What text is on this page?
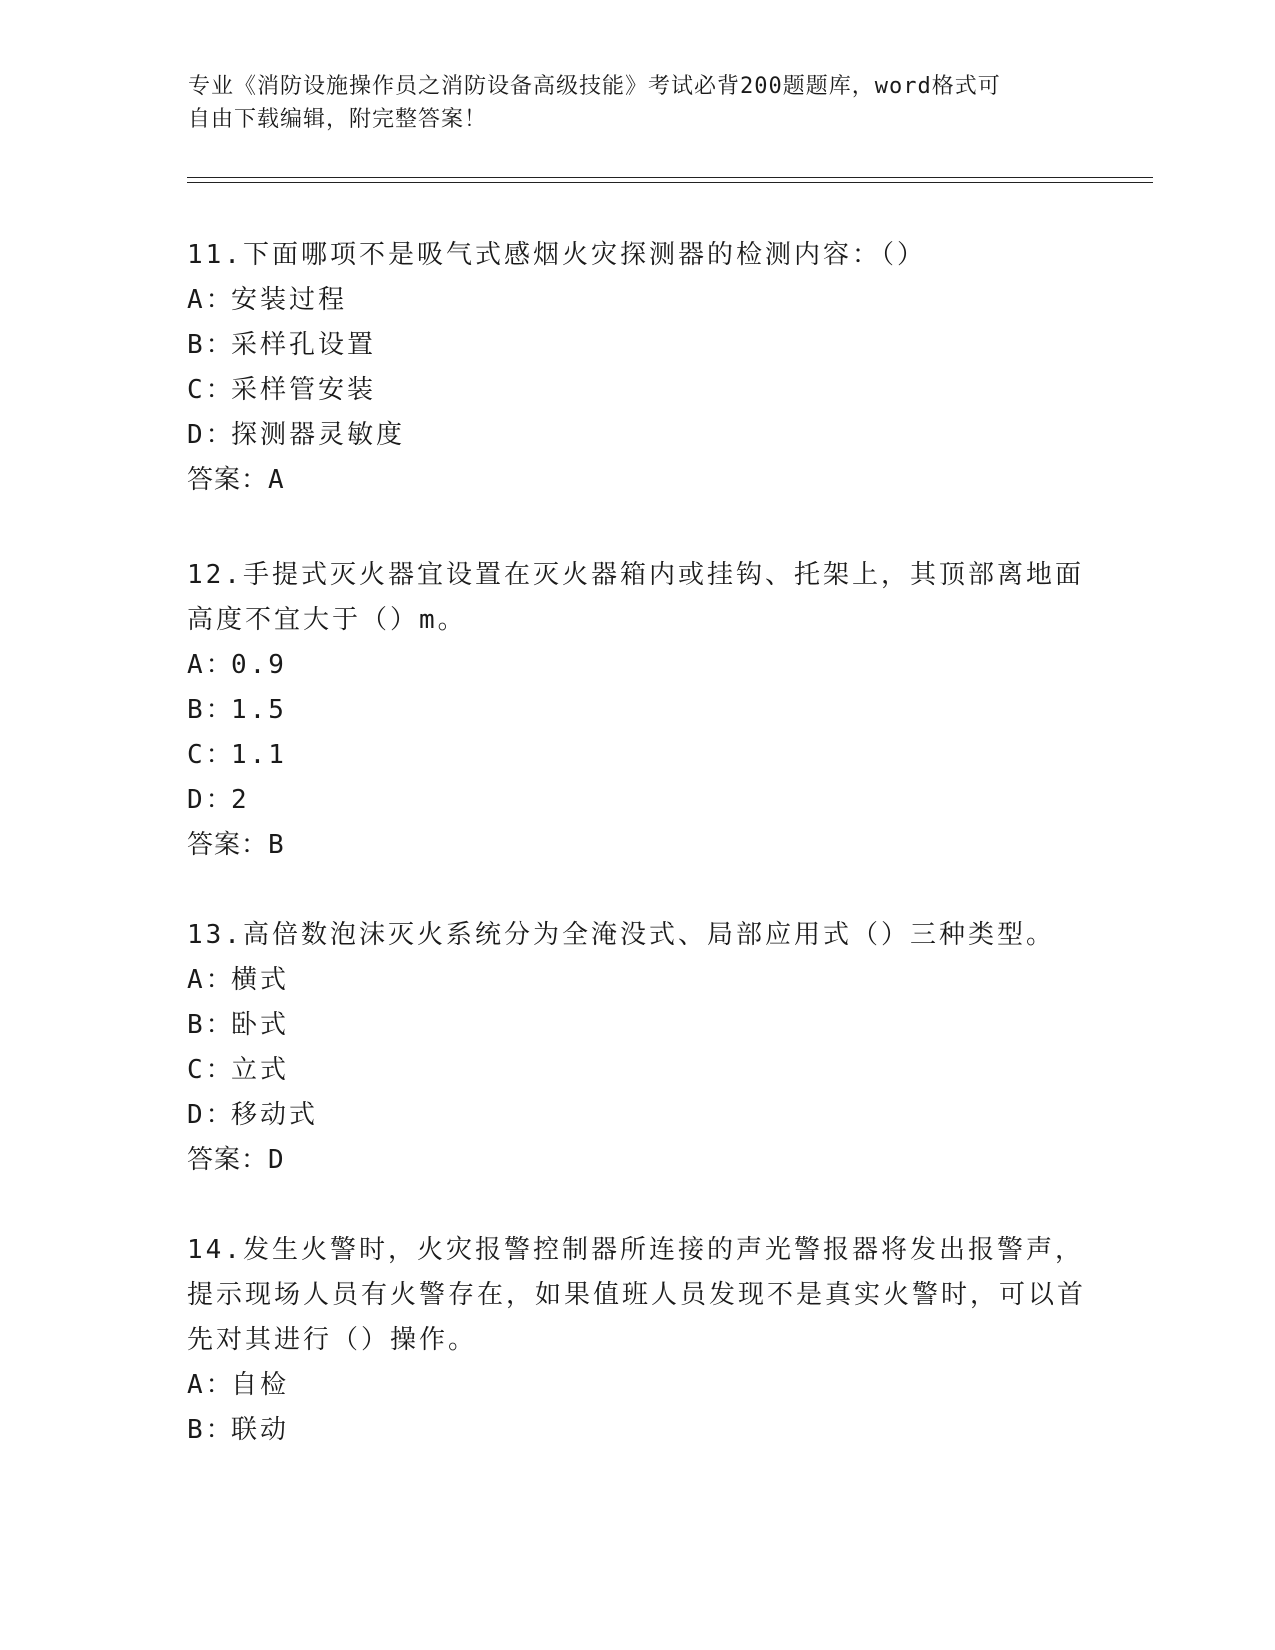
专业《消防设施操作员之消防设备高级技能》考试必背200题题库，word格式可
自由下载编辑，附完整答案！

11.下面哪项不是吸气式感烟火灾探测器的检测内容：（）

A：安装过程

B：采样孔设置

C：采样管安装

D：探测器灵敏度

答案：A

12.手提式灭火器宜设置在灭火器箱内或挂钩、托架上，其顶部离地面高度不宜大于（）m。

A：0.9

B：1.5

C：1.1

D：2

答案：B

13.高倍数泡沫灭火系统分为全淹没式、局部应用式（）三种类型。

A：横式

B：卧式

C：立式

D：移动式

答案：D

14.发生火警时，火灾报警控制器所连接的声光警报器将发出报警声，提示现场人员有火警存在，如果值班人员发现不是真实火警时，可以首先对其进行（）操作。

A：自检

B：联动
